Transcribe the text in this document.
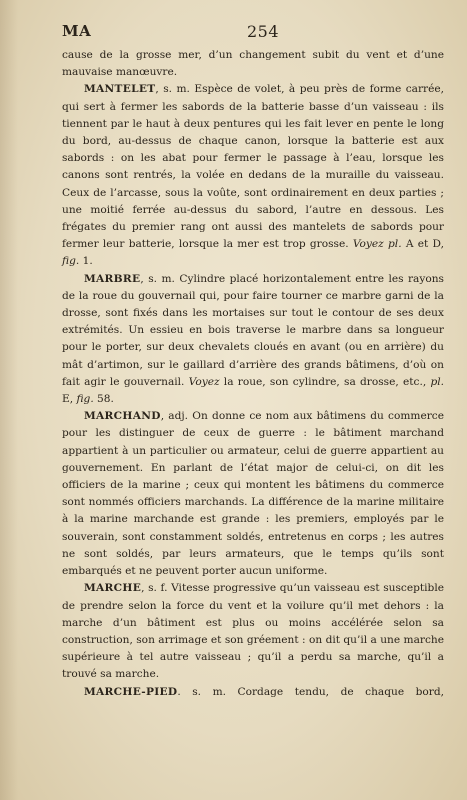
MA	254

cause de la grosse mer, d’un changement subit du vent et d’une mauvaise manœuvre.

MANTELET, s. m. Espèce de volet, à peu près de forme carrée, qui sert à fermer les sabords de la batterie basse d’un vaisseau : ils tiennent par le haut à deux pentures qui les fait lever en pente le long du bord, au-dessus de chaque canon, lorsque la batterie est aux sabords : on les abat pour fermer le passage à l’eau, lorsque les canons sont rentrés, la volée en dedans de la muraille du vaisseau. Ceux de l’arcasse, sous la voûte, sont ordinairement en deux parties ; une moitié ferrée au-dessus du sabord, l’autre en dessous. Les frégates du premier rang ont aussi des mantelets de sabords pour fermer leur batterie, lorsque la mer est trop grosse. Voyez pl. A et D, fig. 1.

MARBRE, s. m. Cylindre placé horizontalement entre les rayons de la roue du gouvernail qui, pour faire tourner ce marbre garni de la drosse, sont fixés dans les mortaises sur tout le contour de ses deux extrémités. Un essieu en bois traverse le marbre dans sa longueur pour le porter, sur deux chevalets cloués en avant (ou en arrière) du mât d’artimon, sur le gaillard d’arrière des grands bâtimens, d’où on fait agir le gouvernail. Voyez la roue, son cylindre, sa drosse, etc., pl. E, fig. 58.

MARCHAND, adj. On donne ce nom aux bâtimens du commerce pour les distinguer de ceux de guerre : le bâtiment marchand appartient à un particulier ou armateur, celui de guerre appartient au gouvernement. En parlant de l’état major de celui-ci, on dit les officiers de la marine ; ceux qui montent les bâtimens du commerce sont nommés officiers marchands. La différence de la marine militaire à la marine marchande est grande : les premiers, employés par le souverain, sont constamment soldés, entretenus en corps ; les autres ne sont soldés, par leurs armateurs, que le temps qu’ils sont embarqués et ne peuvent porter aucun uniforme.

MARCHE, s. f. Vitesse progressive qu’un vaisseau est susceptible de prendre selon la force du vent et la voilure qu’il met dehors : la marche d’un bâtiment est plus ou moins accélérée selon sa construction, son arrimage et son gréement : on dit qu’il a une marche supérieure à tel autre vaisseau ; qu’il a perdu sa marche, qu’il a trouvé sa marche.

MARCHE-PIED. s. m. Cordage tendu, de chaque bord,
